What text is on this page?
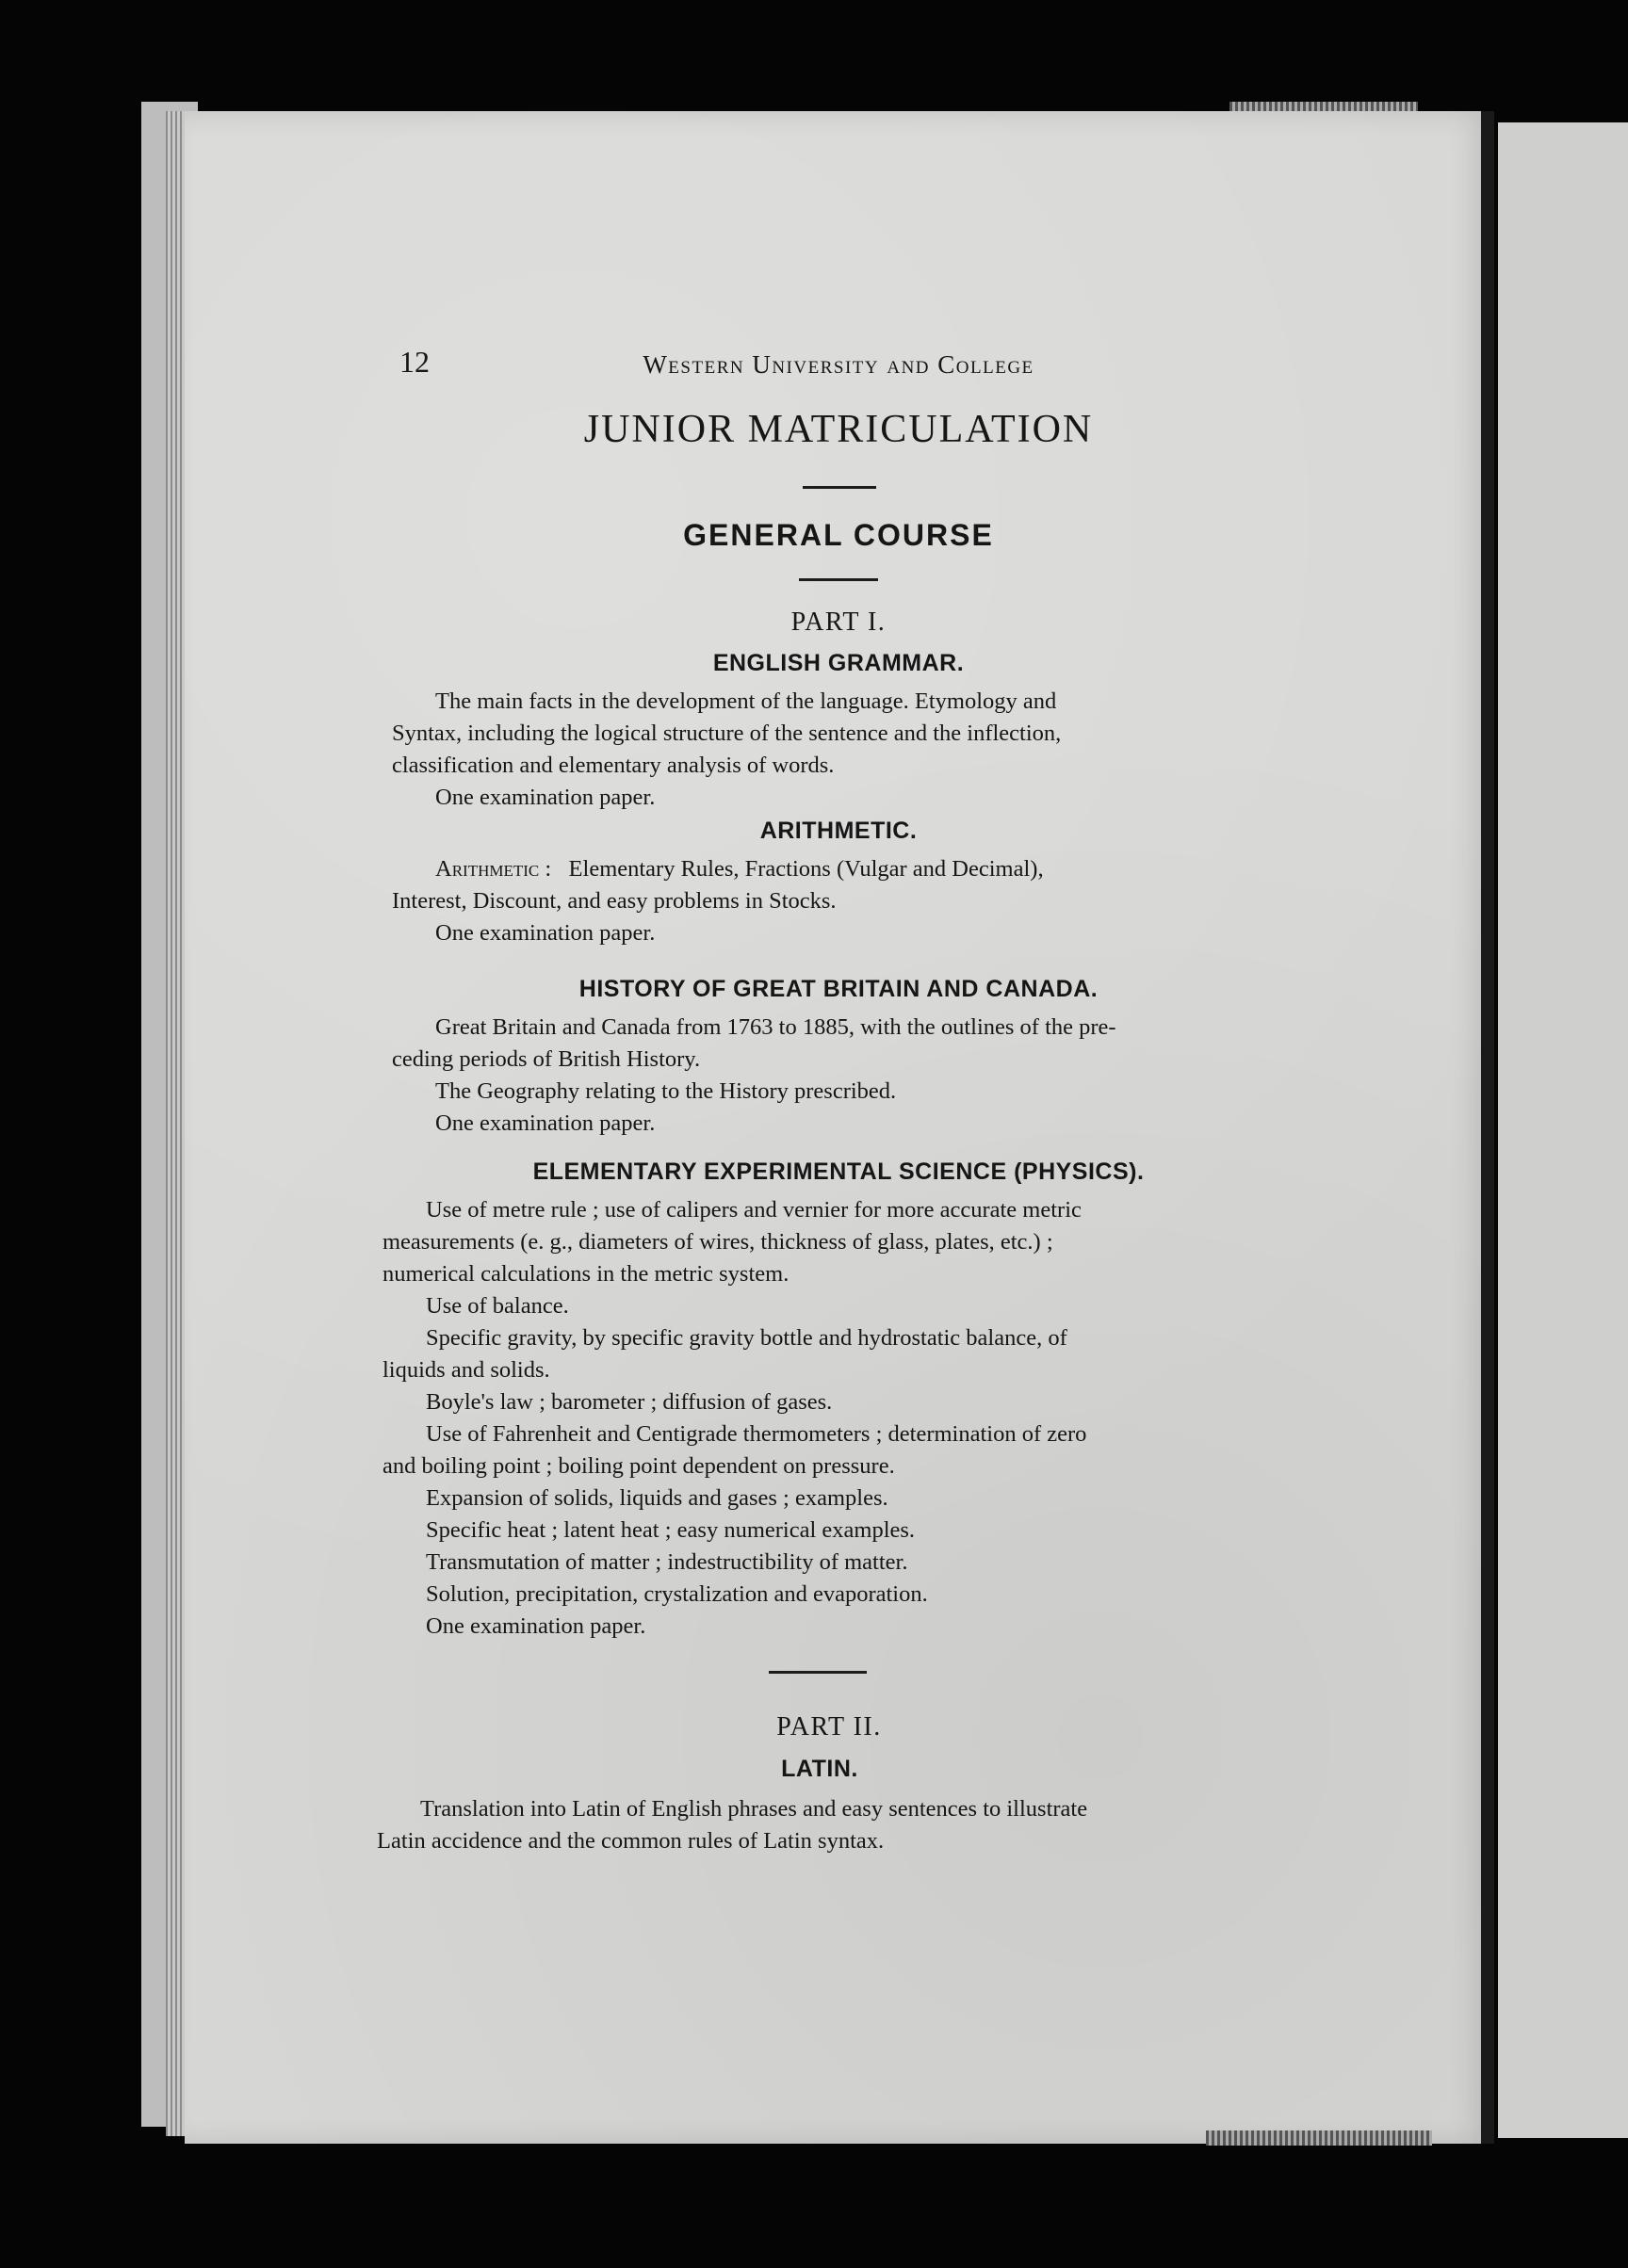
12	Western University and College
JUNIOR MATRICULATION
GENERAL COURSE
PART I.
ENGLISH GRAMMAR.
The main facts in the development of the language. Etymology and
Syntax, including the logical structure of the sentence and the inflection,
classification and elementary analysis of words.
One examination paper.
ARITHMETIC.
Arithmetic : Elementary Rules, Fractions (Vulgar and Decimal),
Interest, Discount, and easy problems in Stocks.
One examination paper.
HISTORY OF GREAT BRITAIN AND CANADA.
Great Britain and Canada from 1763 to 1885, with the outlines of the pre-
ceding periods of British History.
The Geography relating to the History prescribed.
One examination paper.
ELEMENTARY EXPERIMENTAL SCIENCE (PHYSICS).
Use of metre rule ; use of calipers and vernier for more accurate metric
measurements (e. g., diameters of wires, thickness of glass, plates, etc.) ;
numerical calculations in the metric system.
Use of balance.
Specific gravity, by specific gravity bottle and hydrostatic balance, of
liquids and solids.
Boyle's law ; barometer ; diffusion of gases.
Use of Fahrenheit and Centigrade thermometers ; determination of zero
and boiling point ; boiling point dependent on pressure.
Expansion of solids, liquids and gases ; examples.
Specific heat ; latent heat ; easy numerical examples.
Transmutation of matter ; indestructibility of matter.
Solution, precipitation, crystalization and evaporation.
One examination paper.
PART II.
LATIN.
Translation into Latin of English phrases and easy sentences to illustrate
Latin accidence and the common rules of Latin syntax.
